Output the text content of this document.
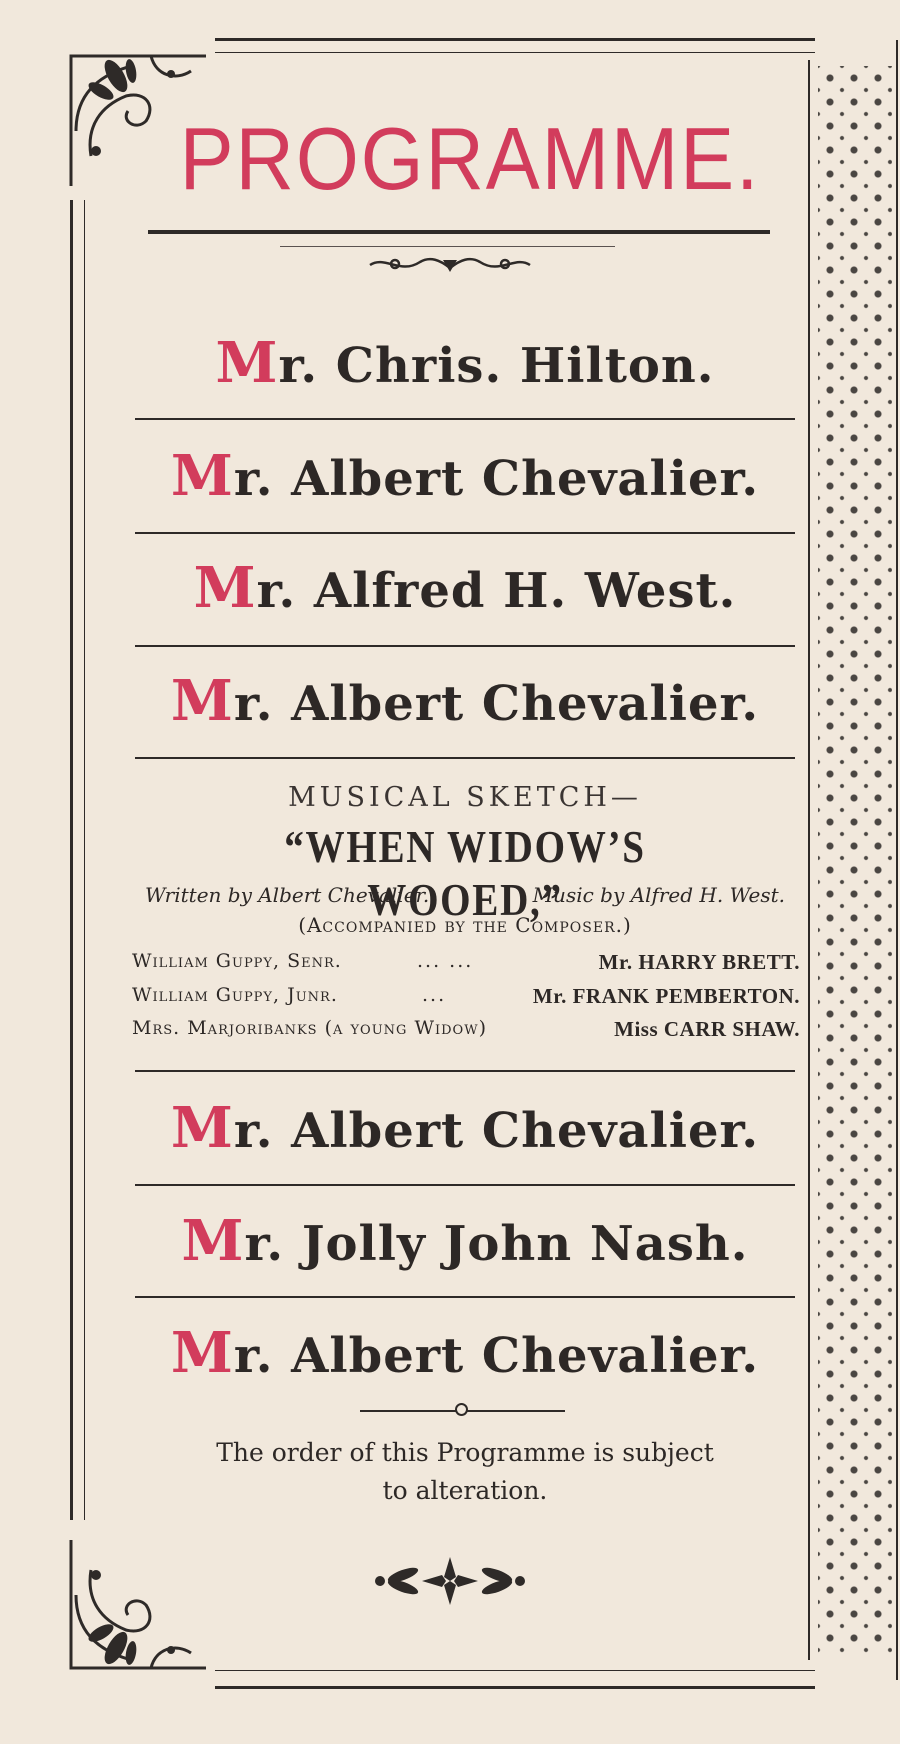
PROGRAMME.
Mr. Chris. Hilton.
Mr. Albert Chevalier.
Mr. Alfred H. West.
Mr. Albert Chevalier.
MUSICAL SKETCH—
“WHEN WIDOW’S WOOED,”
Written by Albert Chevalier.	Music by Alfred H. West.
(Accompanied by the Composer.)
William Guppy, Senr.	... ...	Mr. HARRY BRETT.
William Guppy, Junr.	...	Mr. FRANK PEMBERTON.
Mrs. Marjoribanks (a young Widow)	Miss CARR SHAW.
Mr. Albert Chevalier.
Mr. Jolly John Nash.
Mr. Albert Chevalier.
The order of this Programme is subject
to alteration.
